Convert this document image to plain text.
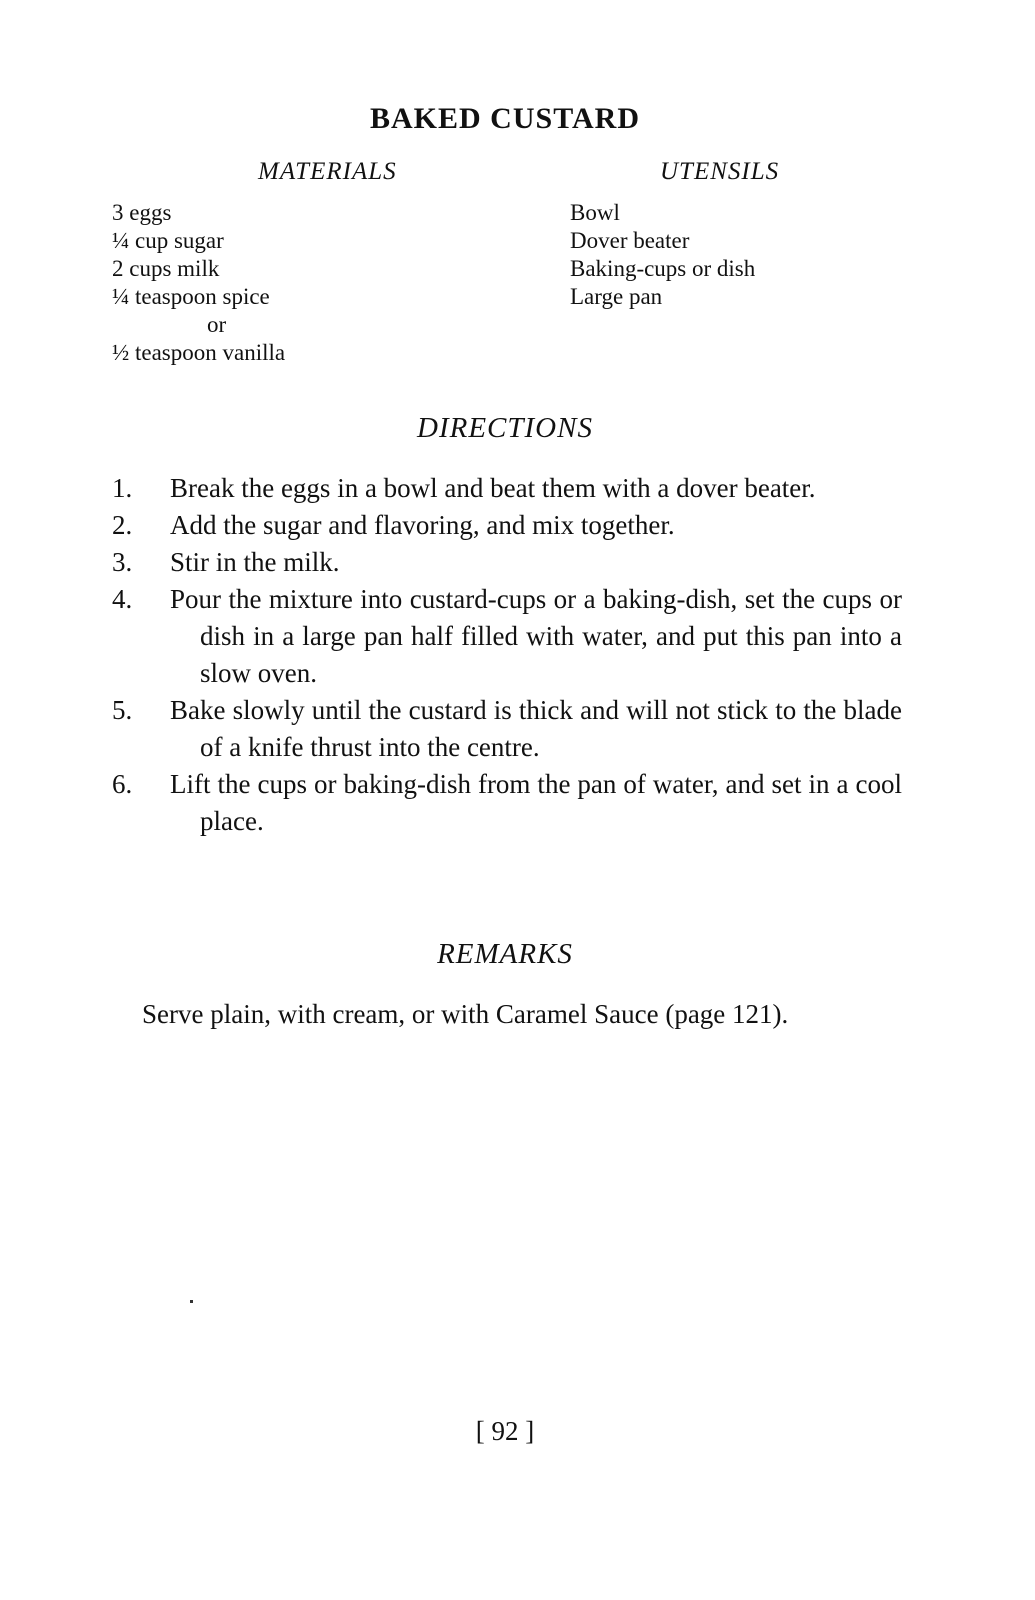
BAKED CUSTARD
MATERIALS	UTENSILS
3 eggs
¼ cup sugar
2 cups milk
¼ teaspoon spice
or
½ teaspoon vanilla
Bowl
Dover beater
Baking-cups or dish
Large pan
DIRECTIONS
1.	Break the eggs in a bowl and beat them with a dover beater.
2.	Add the sugar and flavoring, and mix together.
3.	Stir in the milk.
4.	Pour the mixture into custard-cups or a baking-dish, set the cups or dish in a large pan half filled with water, and put this pan into a slow oven.
5.	Bake slowly until the custard is thick and will not stick to the blade of a knife thrust into the centre.
6.	Lift the cups or baking-dish from the pan of water, and set in a cool place.
REMARKS
Serve plain, with cream, or with Caramel Sauce (page 121).
[ 92 ]
